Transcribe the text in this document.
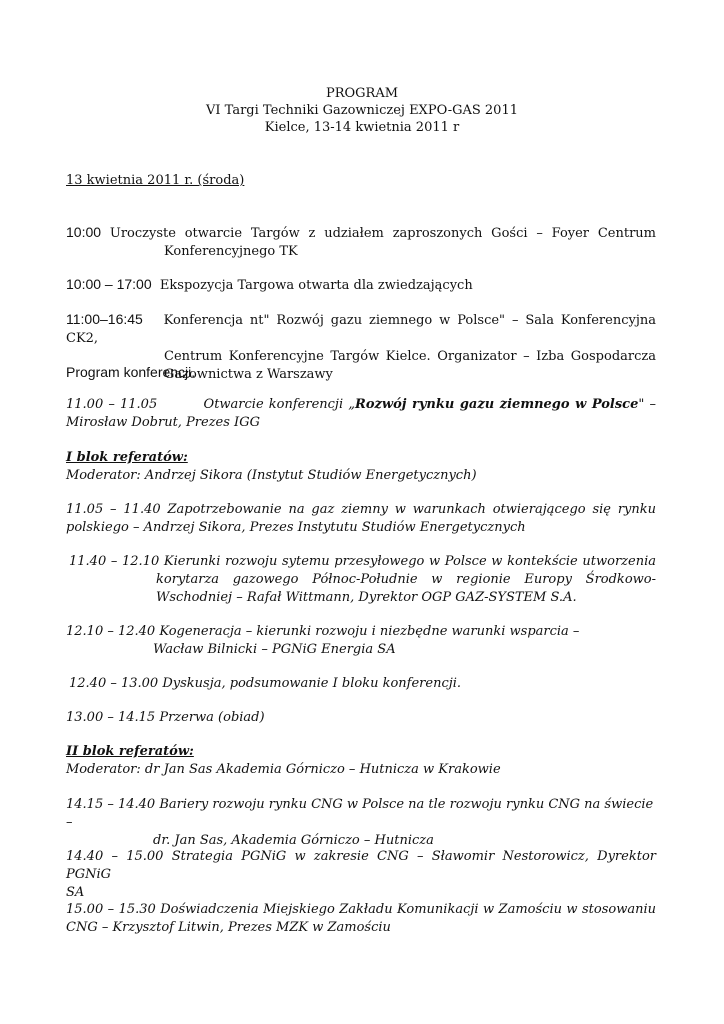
PROGRAM
VI Targi Techniki Gazowniczej EXPO-GAS 2011
Kielce, 13-14 kwietnia 2011 r
13 kwietnia 2011 r. (środa)
10:00 Uroczyste otwarcie Targów z udziałem zaproszonych Gości – Foyer Centrum
Konferencyjnego TK
10:00 – 17:00 Ekspozycja Targowa otwarta dla zwiedzających
11:00–16:45 Konferencja nt" Rozwój gazu ziemnego w Polsce" – Sala Konferencyjna CK2,
Centrum Konferencyjne Targów Kielce. Organizator – Izba Gospodarcza
Gazownictwa z Warszawy
Program konferencji.
11.00 – 11.05	Otwarcie konferencji „Rozwój rynku gazu ziemnego w Polsce" –
Mirosław Dobrut, Prezes IGG
I blok referatów:
Moderator: Andrzej Sikora (Instytut Studiów Energetycznych)
11.05 – 11.40 Zapotrzebowanie na gaz ziemny w warunkach otwierającego się rynku
polskiego – Andrzej Sikora, Prezes Instytutu Studiów Energetycznych
11.40 – 12.10 Kierunki rozwoju sytemu przesyłowego w Polsce w kontekście utworzenia
korytarza gazowego Północ-Południe w regionie Europy Środkowo-
Wschodniej – Rafał Wittmann, Dyrektor OGP GAZ-SYSTEM S.A.
12.10 – 12.40 Kogeneracja – kierunki rozwoju i niezbędne warunki wsparcia –
Wacław Bilnicki – PGNiG Energia SA
12.40 – 13.00 Dyskusja, podsumowanie I bloku konferencji.
13.00 – 14.15 Przerwa (obiad)
II blok referatów:
Moderator: dr Jan Sas Akademia Górniczo – Hutnicza w Krakowie
14.15 – 14.40 Bariery rozwoju rynku CNG w Polsce na tle rozwoju rynku CNG na świecie –
dr. Jan Sas, Akademia Górniczo – Hutnicza
14.40 – 15.00 Strategia PGNiG w zakresie CNG – Sławomir Nestorowicz, Dyrektor PGNiG
SA
15.00 – 15.30 Doświadczenia Miejskiego Zakładu Komunikacji w Zamościu w stosowaniu
CNG – Krzysztof Litwin, Prezes MZK w Zamościu
